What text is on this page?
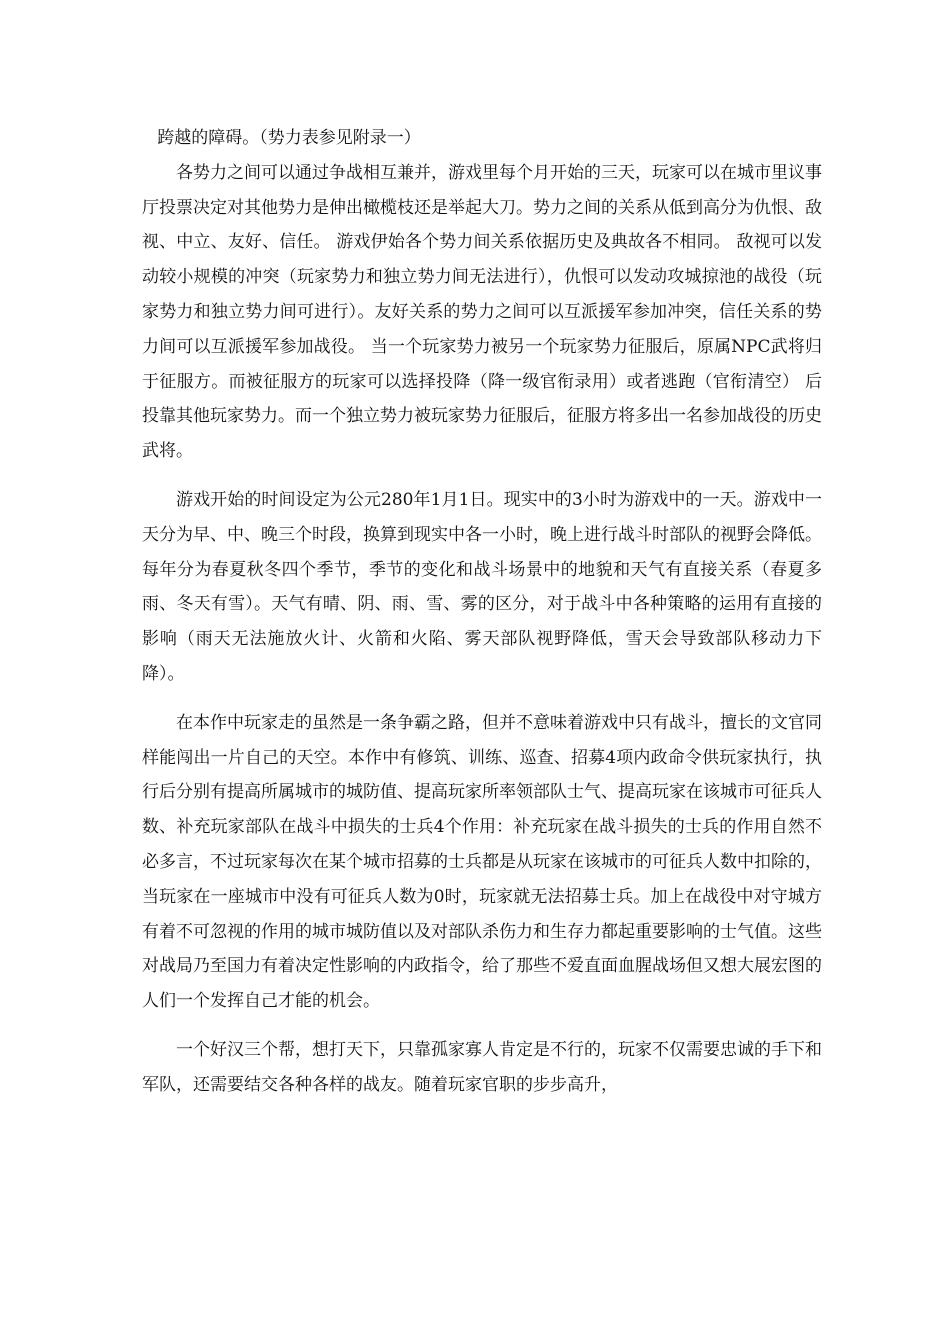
跨越的障碍。（势力表参见附录一）

各势力之间可以通过争战相互兼并，游戏里每个月开始的三天，玩家可以在城市里议事厅投票决定对其他势力是伸出橄榄枝还是举起大刀。势力之间的关系从低到高分为仇恨、敌视、中立、友好、信任。 游戏伊始各个势力间关系依据历史及典故各不相同。 敌视可以发动较小规模的冲突（玩家势力和独立势力间无法进行），仇恨可以发动攻城掠池的战役（玩家势力和独立势力间可进行）。友好关系的势力之间可以互派援军参加冲突，信任关系的势力间可以互派援军参加战役。 当一个玩家势力被另一个玩家势力征服后，原属NPC武将归于征服方。而被征服方的玩家可以选择投降（降一级官衔录用）或者逃跑（官衔清空） 后投靠其他玩家势力。而一个独立势力被玩家势力征服后，征服方将多出一名参加战役的历史武将。

游戏开始的时间设定为公元280年1月1日。现实中的3小时为游戏中的一天。游戏中一天分为早、中、晚三个时段，换算到现实中各一小时，晚上进行战斗时部队的视野会降低。每年分为春夏秋冬四个季节，季节的变化和战斗场景中的地貌和天气有直接关系（春夏多雨、冬天有雪）。天气有晴、阴、雨、雪、雾的区分，对于战斗中各种策略的运用有直接的影响（雨天无法施放火计、火箭和火陷、雾天部队视野降低，雪天会导致部队移动力下降）。

在本作中玩家走的虽然是一条争霸之路，但并不意味着游戏中只有战斗，擅长的文官同样能闯出一片自己的天空。本作中有修筑、训练、巡查、招募4项内政命令供玩家执行，执行后分别有提高所属城市的城防值、提高玩家所率领部队士气、提高玩家在该城市可征兵人数、补充玩家部队在战斗中损失的士兵4个作用：补充玩家在战斗损失的士兵的作用自然不必多言，不过玩家每次在某个城市招募的士兵都是从玩家在该城市的可征兵人数中扣除的，当玩家在一座城市中没有可征兵人数为0时，玩家就无法招募士兵。加上在战役中对守城方有着不可忽视的作用的城市城防值以及对部队杀伤力和生存力都起重要影响的士气值。这些对战局乃至国力有着决定性影响的内政指令，给了那些不爱直面血腥战场但又想大展宏图的人们一个发挥自己才能的机会。

一个好汉三个帮，想打天下，只靠孤家寡人肯定是不行的，玩家不仅需要忠诚的手下和军队，还需要结交各种各样的战友。随着玩家官职的步步高升，
